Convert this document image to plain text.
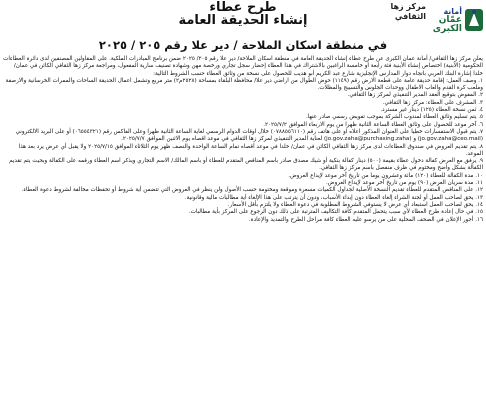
أمانة
عمّان
الكبرى
مركز زها
الثقافي
طرح عطاء
إنشاء الحديقة العامة
في منطقة اسكان الملاحة / دير علا رقم ٢٠٥ / ٢٠٢٥

يعلن مركز زها الثقافي/ أمانة عمان الكبرى عن طرح عطاء إنشاء الحديقة العامة في منطقة اسكان الملاحة/ دير علا رقم ٢٠٥/ ٢٠٢٥ ضمن برنامج المبادرات الملكية. على المقاولين المصنفين لدى دائرة العطاءات الحكومية (الأبنية) اختصاص إنشاء الأبنية فئة رابعة أو خامسة الراغبين بالاشتراك في هذا العطاء إحضار سجل تجاري ورخصة مهن وشهادة تصنيف سارية المفعول، ومراجعة مركز زها الثقافي الكائن في عمان/ خلدا إشارة البنك العربي باتجاه دوار المدارس الإنجليزية شارع عبد الكريم أبو هديب للحصول على نسخة من وثائق العطاء حسب الشروط التالية:

١. وصف العمل: إقامة حديقة عامة على قطعة الارض رقم (١١٤٩) حوض الطوال من اراضي دير علا/ محافظة البلقاء بمساحة (٢٥٢٨م٢) متر مربع وتشمل اعمال الحديقة الساحات والممرات الخرسانية والارصفة وملعب كرة القدم والعاب الاطفال ووحدات الجلوس والتسييج والمظلات.

٢. المفوض بتوقيع العقد المدير التنفيذي لمركز زها الثقافي.

٣. المشرف على العطاء: مركز زها الثقافي.

٤. ثمن نسخة العطاء (١٢٥) دينار غير مسترد.

٥. يتم تسليم وثائق العطاء لمندوب الشركة بموجب تفويض رسمي صادر عنها.

٦. آخر موعد للحصول على وثائق العطاء الساعة الثانية ظهرا من يوم الاربعاء الموافق ٢٠٢٥/٧/٢.

٧. يتم قبول الاستفسارات خطيا على العنوان المذكور اعلاه او على هاتف رقم (٠٧٨٨٥٥٦١١٠) خلال اوقات الدوام الرسمي لغاية الساعة الثانية ظهرا وعلى الفاكس رقم (٠٦٥٥٤٣٢١) أو على البريد الالكتروني (jo.gov.zaha@ceo.mail) و (jo.gov.zaha@purchasing.zaha) لعناية المدير التنفيذي لمركز زها الثقافي في موعد اقصاه يوم الاثنين الموافق ٢٠٢٥/٧/٧.

٨. يتم تقديم العروض في صندوق العطاءات لدى مركز زها الثقافي الكائن في عمان/ خلدا في موعد أقصاه تمام الساعة الواحدة والنصف ظهر يوم الثلاثاء الموافق ٢٠٢٥/٧/١٥ ولا يقبل أي عرض يرد بعد هذا الموعد.

٩. يرفق مع العرض كفالة دخول عطاء بقيمة (٥٠٠) دينار كفالة بنكية أو شيك مصدق صادر باسم المناقص المتقدم للعطاء أو باسم المالك/ الاسم التجاري ويذكر اسم العطاء ورقمه على الكفالة وبحيث يتم تقديم الكفالة بشكل واضح ومختوم في ظرف منفصل باسم مركز زها الثقافي.

١٠. مدة الكفالة للعطاء (١٢٠) مائة وعشرون يوما من تاريخ آخر موعد لإيداع العروض.

١١. مدة سريان العرض (٩٠) يوم من تاريخ آخر موعد لإيداع العروض.

١٢. على المناقص المتقدم للعطاء تقديم النسخة الأصلية لجداول الكميات مسعرة وموقعة ومختومة حسب الأصول ولن ينظر في العروض التي تتضمن أية شروط أو تحفظات مخالفة لشروط دعوة العطاء.

١٣. يحق لصاحب العمل أو لجنة الشراء إلغاء العطاء دون إبداء الأسباب، ودون أن يترتب على هذا الإلغاء أية مطالبات مالية وقانونية.

١٤. يحق لصاحب العمل استبعاد أي عرض لا يستوفي الشروط المطلوبة في دعوة العطاء ولا يلتزم بأقل الأسعار.

١٥. في حال إعادة طرح العطاء لأي سبب يتحمل المتقدم كافة التكاليف المترتبة على ذلك دون الرجوع على المركز بأية مطالبات.

١٦. أجور الإعلان في الصحف المحلية على من يرسو عليه العطاء كافة مراحل الطرح والتمديد والإعادة.
